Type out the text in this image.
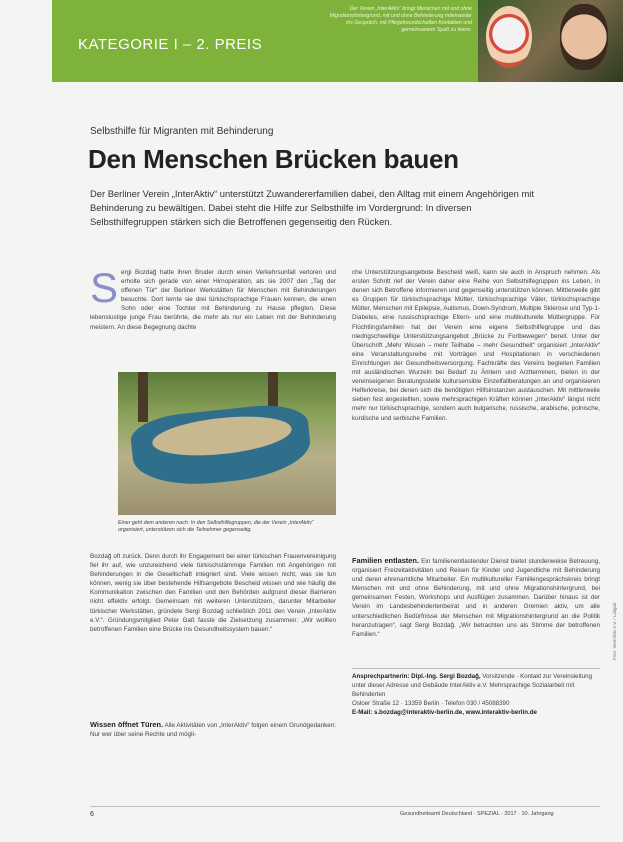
KATEGORIE I – 2. PREIS
Der Verein „InterAktiv“ bringt Menschen mit und ohne Migrationshintergrund, mit und ohne Behinderung miteinander ins Gespräch, mit Pflegefreundschaften Kontakten und gemeinsamem Spaß zu feiern.
Selbsthilfe für Migranten mit Behinderung
Den Menschen Brücken bauen
Der Berliner Verein „InterAktiv“ unterstützt Zuwandererfamilien dabei, den Alltag mit einem Angehörigen mit Behinderung zu bewältigen. Dabei steht die Hilfe zur Selbsthilfe im Vordergrund: In diversen Selbsthilfegruppen stärken sich die Betroffenen gegenseitig den Rücken.
S ergi Bozdağ hatte ihren Bruder durch einen Verkehrsunfall verloren und erholte sich gerade von einer Hirnoperation, als sie 2007 den „Tag der offenen Tür“ der Berliner Werkstätten für Menschen mit Behinderungen besuchte. Dort lernte sie drei türkischsprachige Frauen kennen, die einen Sohn oder eine Tochter mit Behinderung zu Hause pflegten. Diese lebenslustige junge Frau berührte, die mehr als nur ein Leben mit der Behinderung meistern. An diese Begegnung dachte
Einer geht dem anderen nach: In den Selbsthilfegruppen, die der Verein „InterAktiv“ organisiert, unterstützen sich die Teilnehmer gegenseitig.
Bozdağ oft zurück. Denn durch ihr Engagement bei einer türkischen Frauenvereinigung fiel ihr auf, wie unzureichend viele türkischstämmige Familien mit Angehörigen mit Behinderungen in die Gesellschaft integriert sind. Viele wissen nicht, was sie tun können, wenig sie über bestehende Hilfsangebote Bescheid wissen und wie häufig die Kommunikation zwischen den Familien und den Behörden aufgrund dieser Barrieren nicht effektiv erfolgt. Gemeinsam mit weiteren Unterstützern, darunter Mitarbeiter türkischer Werkstätten, gründete Sergi Bozdağ schließlich 2011 den Verein „InterAktiv e.V.“. Gründungsmitglied Peter Gaß fasste die Zielsetzung zusammen: „Wir wollten betroffenen Familien eine Brücke ins Gesundheitssystem bauen.“
Wissen öffnet Türen. Alle Aktivitäten von „InterAktiv“ folgen einem Grundgedanken: Nur wer über seine Rechte und mögli-
che Unterstützungsangebote Bescheid weiß, kann sie auch in Anspruch nehmen. Als ersten Schritt rief der Verein daher eine Reihe von Selbsthilfegruppen ins Leben, in denen sich Betroffene informieren und gegenseitig unterstützen können. Mittlerweile gibt es Gruppen für türkischsprachige Mütter, türkischsprachige Väter, türkischsprachige Mütter, Menschen mit Epilepsie, Autismus, Down-Syndrom, Multiple Sklerose und Typ-1-Diabetes, eine russischsprachige Eltern- und eine multikulturelle Müttergruppe. Für Flüchtlingsfamilien hat der Verein eine eigene Selbsthilfegruppe und das niedrigschwellige Unterstützungsangebot „Brücke zu Fortbewegen“ bereit. Unter der Überschrift „Mehr Wissen – mehr Teilhabe – mehr Gesundheit“ organisiert „InterAktiv“ eine Veranstaltungsreihe mit Vorträgen und Hospitationen in verschiedenen Einrichtungen der Gesundheitsversorgung. Fachkräfte des Vereins begleiten Familien mit ausländischen Wurzeln bei Bedarf zu Ämtern und Arztterminen, bieten in der vereinseigenen Beratungsstelle kultursensible Einzelfallberatungen an und organisieren Helferkreise, bei denen sich die benötigten Hilfsinstanzen austauschen. Mit mittlerweile sieben fest angestellten, sowie mehrsprachigen Kräften können „InterAktiv“ längst nicht mehr nur türkischsprachige, sondern auch bulgarische, russische, arabische, polnische, kurdische und serbische Familien.
Familien entlasten. Ein familienentlastender Dienst bietet stundenweise Betreuung, organisiert Freizeitaktivitäten und Reisen für Kinder und Jugendliche mit Behinderung und deren ehrenamtliche Mitarbeiter. Ein multikultureller Familiengesprächskreis bringt Menschen mit und ohne Behinderung, mit und ohne Migrationshintergrund, bei gemeinsamen Festen, Workshops und Ausflügen zusammen. Darüber hinaus ist der Verein im Landesbehindertenbeirat und in anderen Gremien aktiv, um alle unterschiedlichen Bedürfnisse der Menschen mit Migrationshintergrund an die Politik heranzutragen“, sagt Sergi Bozdağ. „Wir betrachten uns als Stimme der betroffenen Familien.“
Ansprechpartnerin: Dipl.-Ing. Sergi Bozdağ, Vorsitzende · Kontakt zur Vereinsleitung unter dieser Adresse und Gebäude InterAktiv e.V. Mehrsprachige Sozialarbeit mit Behinderten
Osloer Straße 12 · 13359 Berlin · Telefon 030 / 45088390
E-Mail: s.bozdag@interaktiv-berlin.de, www.interaktiv-berlin.de
Foto: InterAktiv e.V. / Laligari
6	Gesundheitsamt Deutschland · SPEZIAL · 2017 · 10. Jahrgang
